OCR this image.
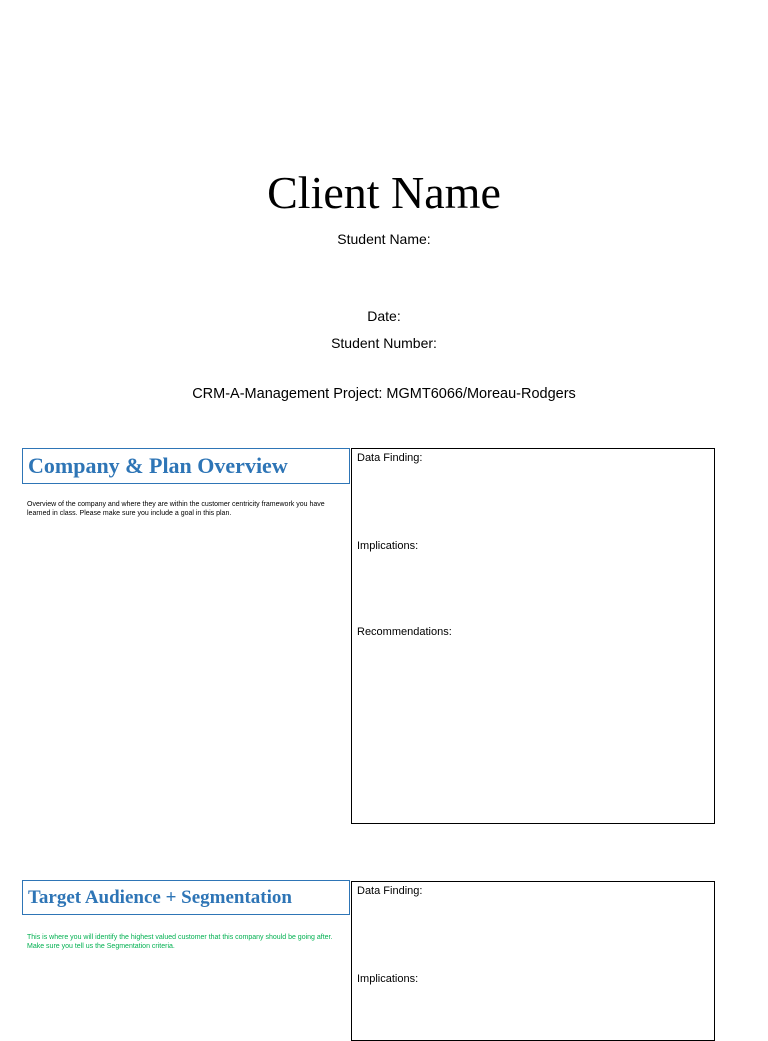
Client Name
Student Name:
Date:
Student Number:
CRM-A-Management Project: MGMT6066/Moreau-Rodgers
Company & Plan Overview
Overview of the company and where they are within the customer centricity framework you have learned in class. Please make sure you include a goal in this plan.
Data Finding:
Implications:
Recommendations:
Target Audience + Segmentation
This is where you will identify the highest valued customer that this company should be going after. Make sure you tell us the Segmentation criteria.
Data Finding:
Implications:
